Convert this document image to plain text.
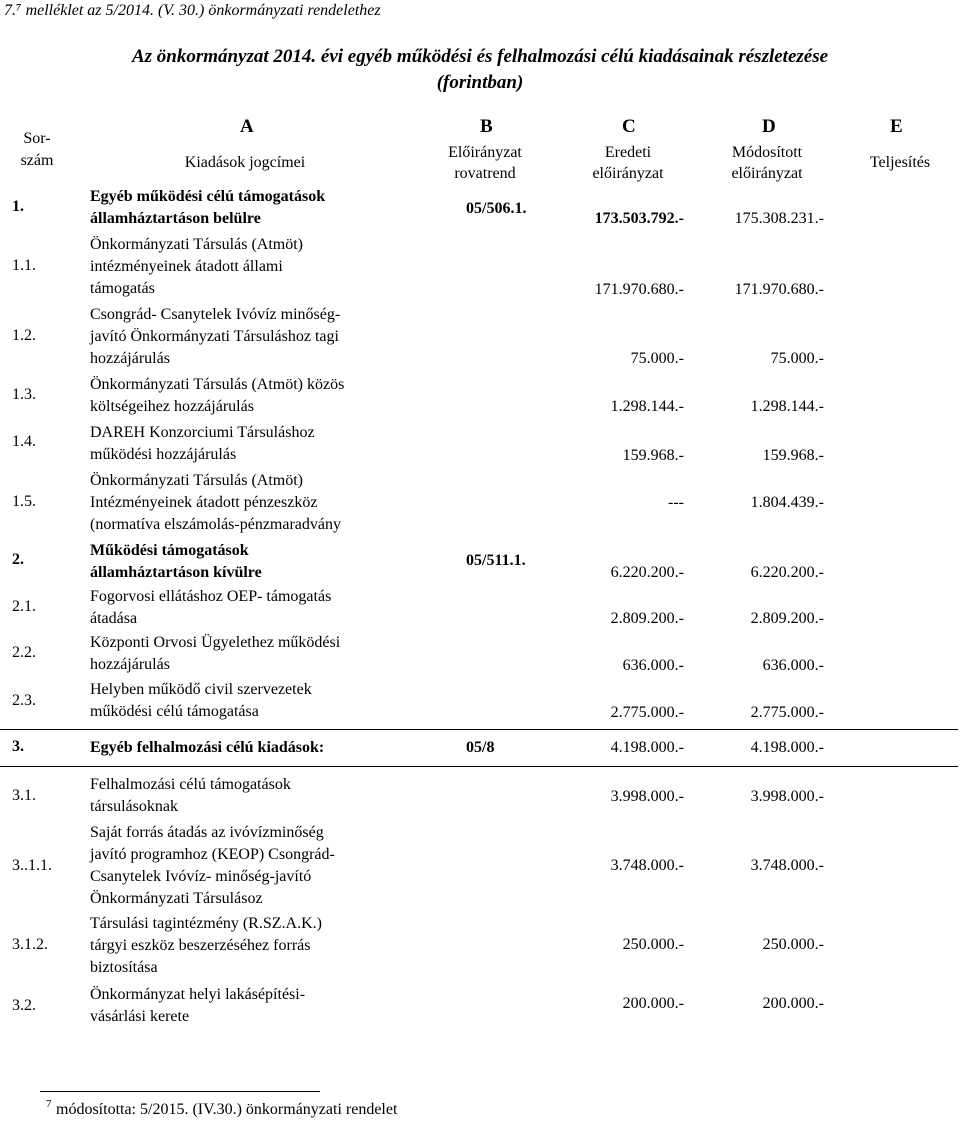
7.⁷ melléklet az 5/2014. (V. 30.) önkormányzati rendelethez
Az önkormányzat 2014. évi egyéb működési és felhalmozási célú kiadásainak részletezése
(forintban)
A	B	C	D	E
Sor-
szám	Kiadások jogcímei
Előirányzat rovatrend
Eredeti előirányzat
Módosított előirányzat
Teljesítés
1.
Egyéb működési célú támogatások
államháztartáson belülre
05/506.1.
173.503.792.-	175.308.231.-
1.1.
Önkormányzati Társulás (Atmöt)
intézményeinek átadott állami
támogatás	171.970.680.-	171.970.680.-
1.2.
Csongrád- Csanytelek Ivóvíz minőség-
javító Önkormányzati Társuláshoz tagi
hozzájárulás	75.000.-	75.000.-
1.3.
Önkormányzati Társulás (Atmöt) közös
költségeihez hozzájárulás	1.298.144.-	1.298.144.-
1.4.
DAREH Konzorciumi Társuláshoz
működési hozzájárulás	159.968.-	159.968.-
1.5.
Önkormányzati Társulás (Atmöt)
Intézményeinek átadott pénzeszköz
(normatíva elszámolás-pénzmaradvány
---	1.804.439.-
2.
Működési támogatások
államháztartáson kívülre
05/511.1.
6.220.200.-	6.220.200.-
2.1.
Fogorvosi ellátáshoz OEP- támogatás
átadása	2.809.200.-	2.809.200.-
2.2.
Központi Orvosi Ügyelethez működési
hozzájárulás	636.000.-	636.000.-
2.3.
Helyben működő civil szervezetek
működési célú támogatása	2.775.000.-	2.775.000.-
3.	Egyéb felhalmozási célú kiadások:	05/8	4.198.000.-	4.198.000.-
3.1.
Felhalmozási célú támogatások
társulásoknak
3.998.000.-	3.998.000.-
3..1.1.
Saját forrás átadás az ivóvízminőség
javító programhoz (KEOP) Csongrád-
Csanytelek Ivóvíz- minőség-javító
Önkormányzati Társulásoz
3.748.000.-	3.748.000.-
3.1.2.
Társulási tagintézmény (R.SZ.A.K.)
tárgyi eszköz beszerzéséhez forrás
biztosítása
250.000.-	250.000.-
3.2.
Önkormányzat helyi lakásépítési-
vásárlási kerete
200.000.-	200.000.-
7 módosította: 5/2015. (IV.30.) önkormányzati rendelet
